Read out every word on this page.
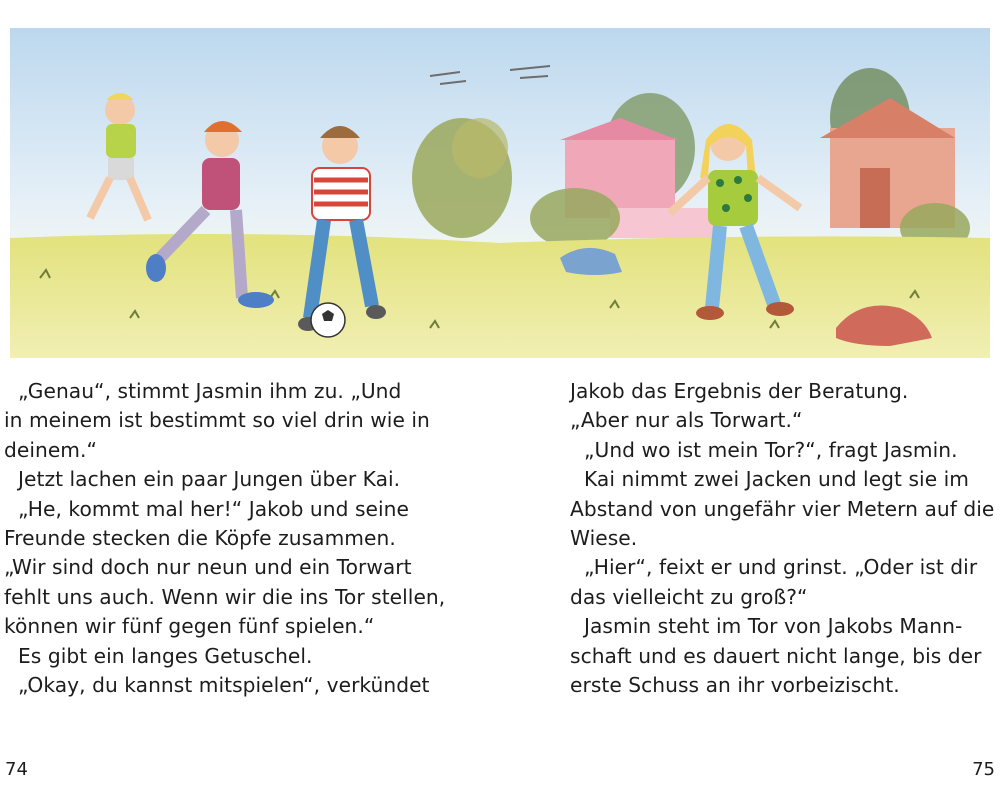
„Genau“, stimmt Jasmin ihm zu. „Und
in meinem ist bestimmt so viel drin wie in
deinem.“
Jetzt lachen ein paar Jungen über Kai.
„He, kommt mal her!“ Jakob und seine
Freunde stecken die Köpfe zusammen.
„Wir sind doch nur neun und ein Torwart
fehlt uns auch. Wenn wir die ins Tor stellen,
können wir fünf gegen fünf spielen.“
Es gibt ein langes Getuschel.
„Okay, du kannst mitspielen“, verkündet
Jakob das Ergebnis der Beratung.
„Aber nur als Torwart.“
„Und wo ist mein Tor?“, fragt Jasmin.
Kai nimmt zwei Jacken und legt sie im
Abstand von ungefähr vier Metern auf die
Wiese.
„Hier“, feixt er und grinst. „Oder ist dir
das vielleicht zu groß?“
Jasmin steht im Tor von Jakobs Mann-
schaft und es dauert nicht lange, bis der
erste Schuss an ihr vorbeizischt.
74	75
